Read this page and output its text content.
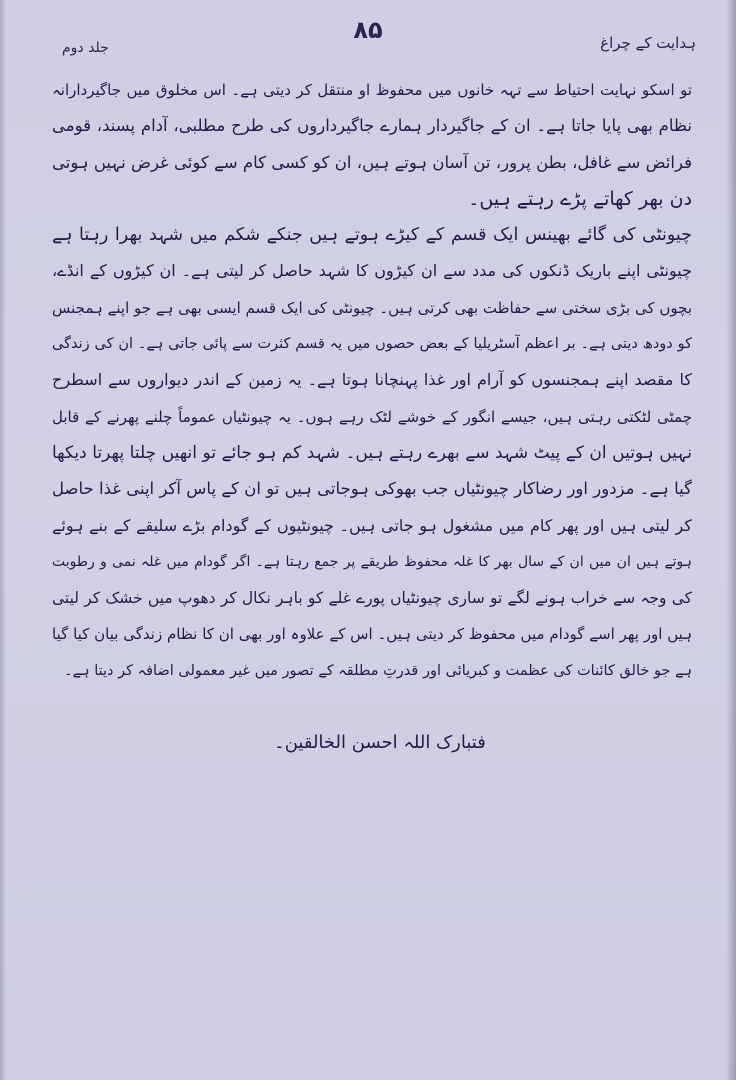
ہدایت کے چراغ
۸۵
جلد دوم
تو اسکو نہایت احتیاط سے تہہ خانوں میں محفوظ او منتقل کر دیتی ہے۔ اس مخلوق میں جاگیردارانہ
نظام بھی پایا جاتا ہے۔ ان کے جاگیردار ہمارے جاگیرداروں کی طرح مطلبی، آدام پسند، قومی
فرائض سے غافل، بطن پرور، تن آسان ہوتے ہیں، ان کو کسی کام سے کوئی غرض نہیں ہوتی
دن بھر کھاتے پڑے رہتے ہیں۔
چیونٹی کی گائے بھینس ایک قسم کے کیڑے ہوتے ہیں جنکے شکم میں شہد بھرا رہتا ہے
چیونٹی اپنے باریک ڈنکوں کی مدد سے ان کیڑوں کا شہد حاصل کر لیتی ہے۔ ان کیڑوں کے انڈے،
بچوں کی بڑی سختی سے حفاظت بھی کرتی ہیں۔ چیونٹی کی ایک قسم ایسی بھی ہے جو اپنے ہمجنس
کو دودھ دیتی ہے۔ بر اعظم آسٹریلیا کے بعض حصوں میں یہ قسم کثرت سے پائی جاتی ہے۔ ان کی زندگی
کا مقصد اپنے ہمجنسوں کو آرام اور غذا پہنچانا ہوتا ہے۔ یہ زمین کے اندر دیواروں سے اسطرح
چمٹی لٹکتی رہتی ہیں، جیسے انگور کے خوشے لٹک رہے ہوں۔ یہ چیونٹیاں عموماً چلنے پھرنے کے قابل
نہیں ہوتیں ان کے پیٹ شہد سے بھرے رہتے ہیں۔ شہد کم ہو جائے تو انھیں چلتا پھرتا دیکھا
گیا ہے۔ مزدور اور رضاکار چیونٹیاں جب بھوکی ہوجاتی ہیں تو ان کے پاس آکر اپنی غذا حاصل
کر لیتی ہیں اور پھر کام میں مشغول ہو جاتی ہیں۔ چیونٹیوں کے گودام بڑے سلیقے کے بنے ہوئے
ہوتے ہیں ان میں ان کے سال بھر کا غلہ محفوظ طریقے پر جمع رہتا ہے۔ اگر گودام میں غلہ نمی و رطوبت
کی وجہ سے خراب ہونے لگے تو ساری چیونٹیاں پورے غلے کو باہر نکال کر دھوپ میں خشک کر لیتی
ہیں اور پھر اسے گودام میں محفوظ کر دیتی ہیں۔ اس کے علاوہ اور بھی ان کا نظام زندگی بیان کیا گیا
ہے جو خالق کائنات کی عظمت و کبریائی اور قدرتِ مطلقہ کے تصور میں غیر معمولی اضافہ کر دیتا ہے۔
فتبارک اللہ احسن الخالقین۔
